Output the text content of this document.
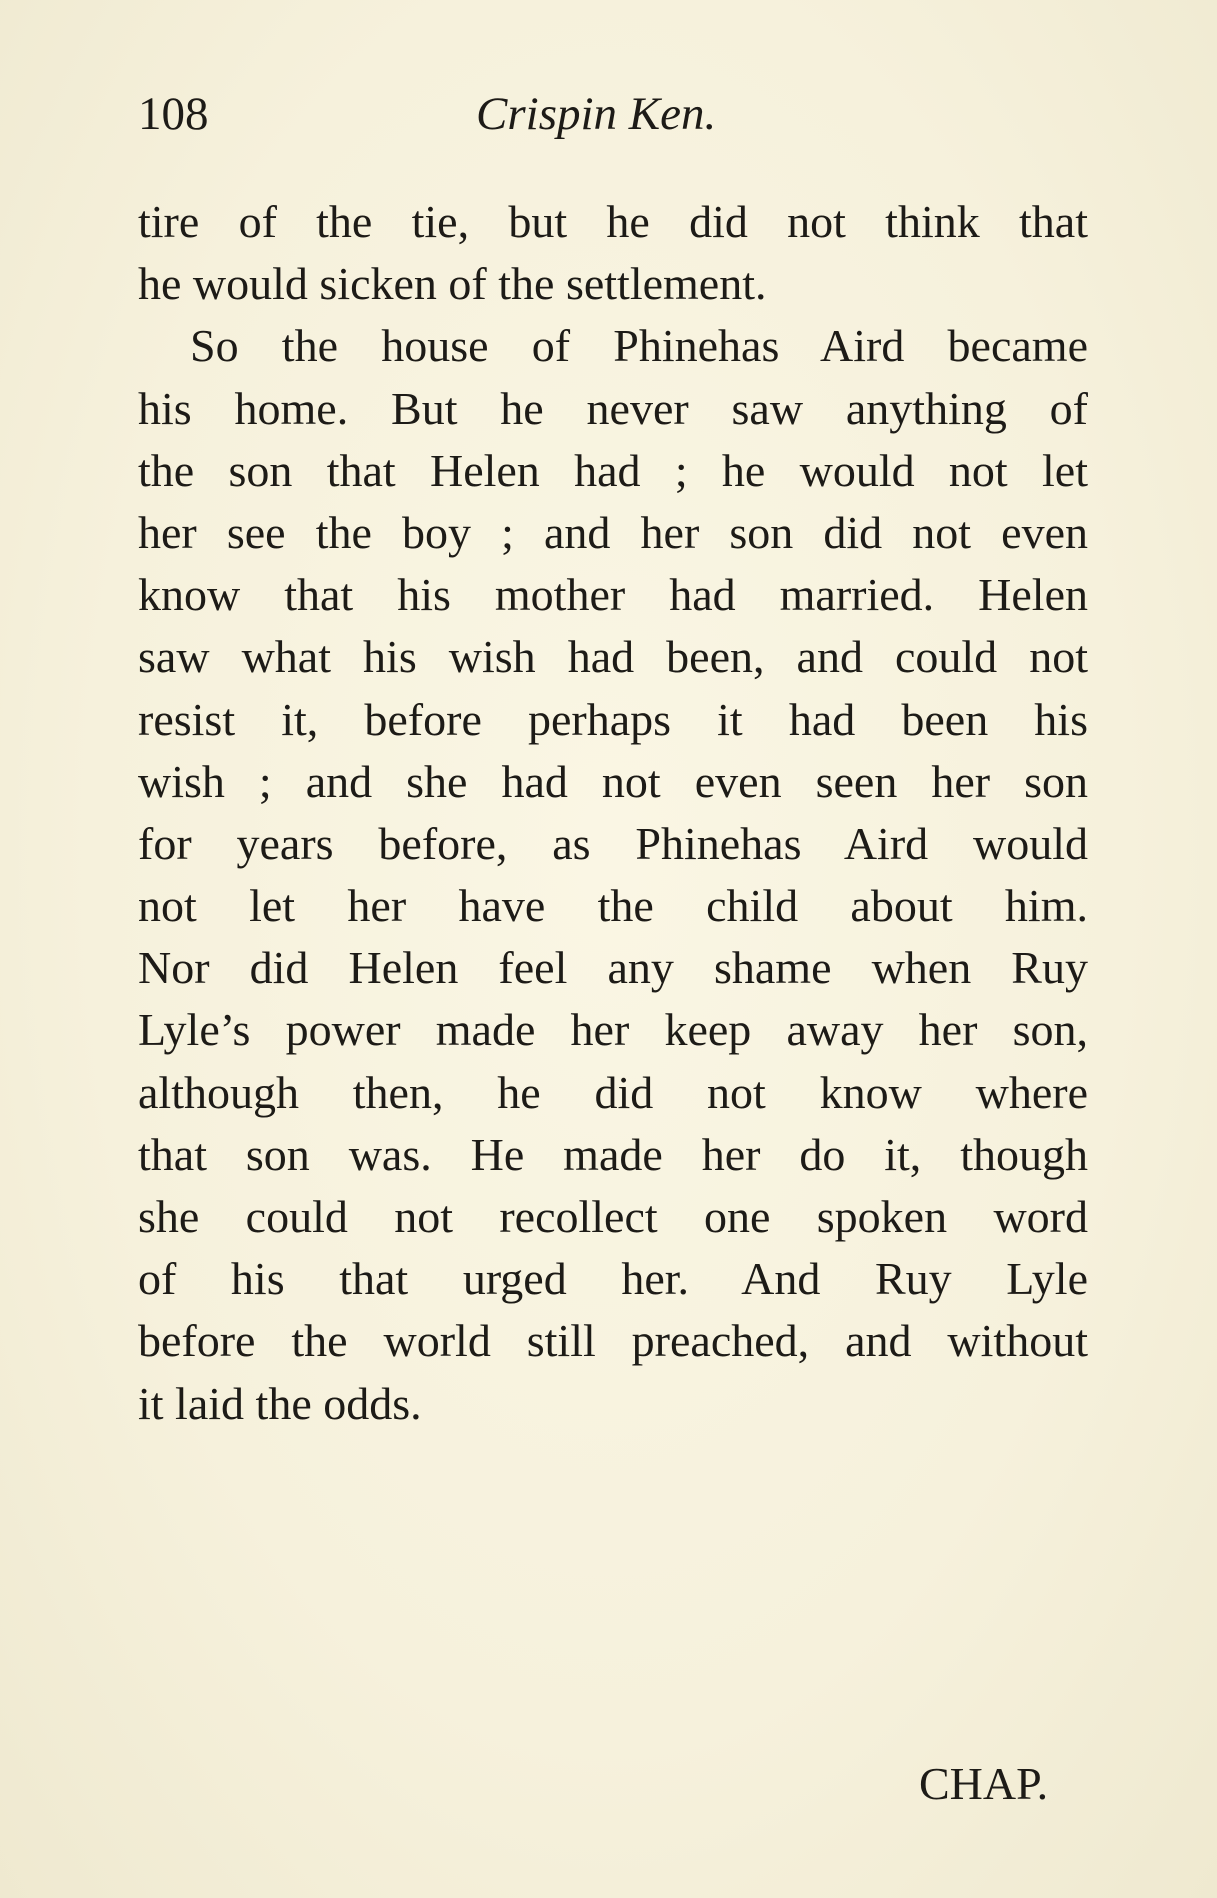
108	Crispin Ken.
tire of the tie, but he did not think that
he would sicken of the settlement.
So the house of Phinehas Aird became
his home. But he never saw anything of
the son that Helen had ; he would not let
her see the boy ; and her son did not even
know that his mother had married. Helen
saw what his wish had been, and could not
resist it, before perhaps it had been his
wish ; and she had not even seen her son
for years before, as Phinehas Aird would
not let her have the child about him.
Nor did Helen feel any shame when Ruy
Lyle’s power made her keep away her son,
although then, he did not know where
that son was. He made her do it, though
she could not recollect one spoken word
of his that urged her. And Ruy Lyle
before the world still preached, and without
it laid the odds.
CHAP.
